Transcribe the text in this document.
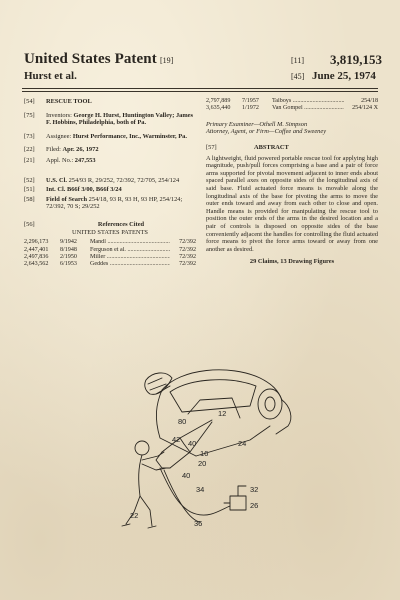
United States Patent [19]	[11] 3,819,153
Hurst et al.	[45] June 25, 1974
[54]	RESCUE TOOL
[75]	Inventors: George H. Hurst, Huntington Valley; James F. Hobbins, Philadelphia, both of Pa.
[73]	Assignee: Hurst Performance, Inc., Warminster, Pa.
[22]	Filed: Apr. 26, 1972
[21]	Appl. No.: 247,553
[52]	U.S. Cl. 254/93 R, 29/252, 72/392, 72/705, 254/124
[51]	Int. Cl. B66f 3/00, B66f 3/24
[58]	Field of Search 254/18, 93 R, 93 H, 93 HP, 254/124; 72/392, 70 S; 29/252
[56]	References Cited
UNITED STATES PATENTS
2,296,173	9/1942	Mandl .....	72/392
2,447,401	8/1948	Ferguson et al. .....	72/392
2,497,836	2/1950	Miller .....	72/392
2,643,562	6/1953	Geddes .....	72/392
2,797,889	7/1957	Talboys .....	254/18
3,635,440	1/1972	Van Gompel .....	254/124 X
Primary Examiner—Othell M. Simpson
Attorney, Agent, or Firm—Coffee and Sweeney
[57]	ABSTRACT
A lightweight, fluid powered portable rescue tool for applying high magnitude, push/pull forces comprising a base and a pair of force arms supported for pivotal movement adjacent to inner ends about spaced parallel axes on opposite sides of the longitudinal axis of said base. Fluid actuated force means is movable along the longitudinal axis of the base for pivoting the arms to move the outer ends toward and away from each other to close and open. Handle means is provided for manipulating the rescue tool to position the outer ends of the arms in the desired location and a pair of controls is disposed on opposite sides of the base conveniently adjacent the handles for controlling the fluid actuated force means to pivot the force arms toward or away from one another as desired.
29 Claims, 13 Drawing Figures
80
12
42 40
20
16
34
24
40
22
36
32
26
